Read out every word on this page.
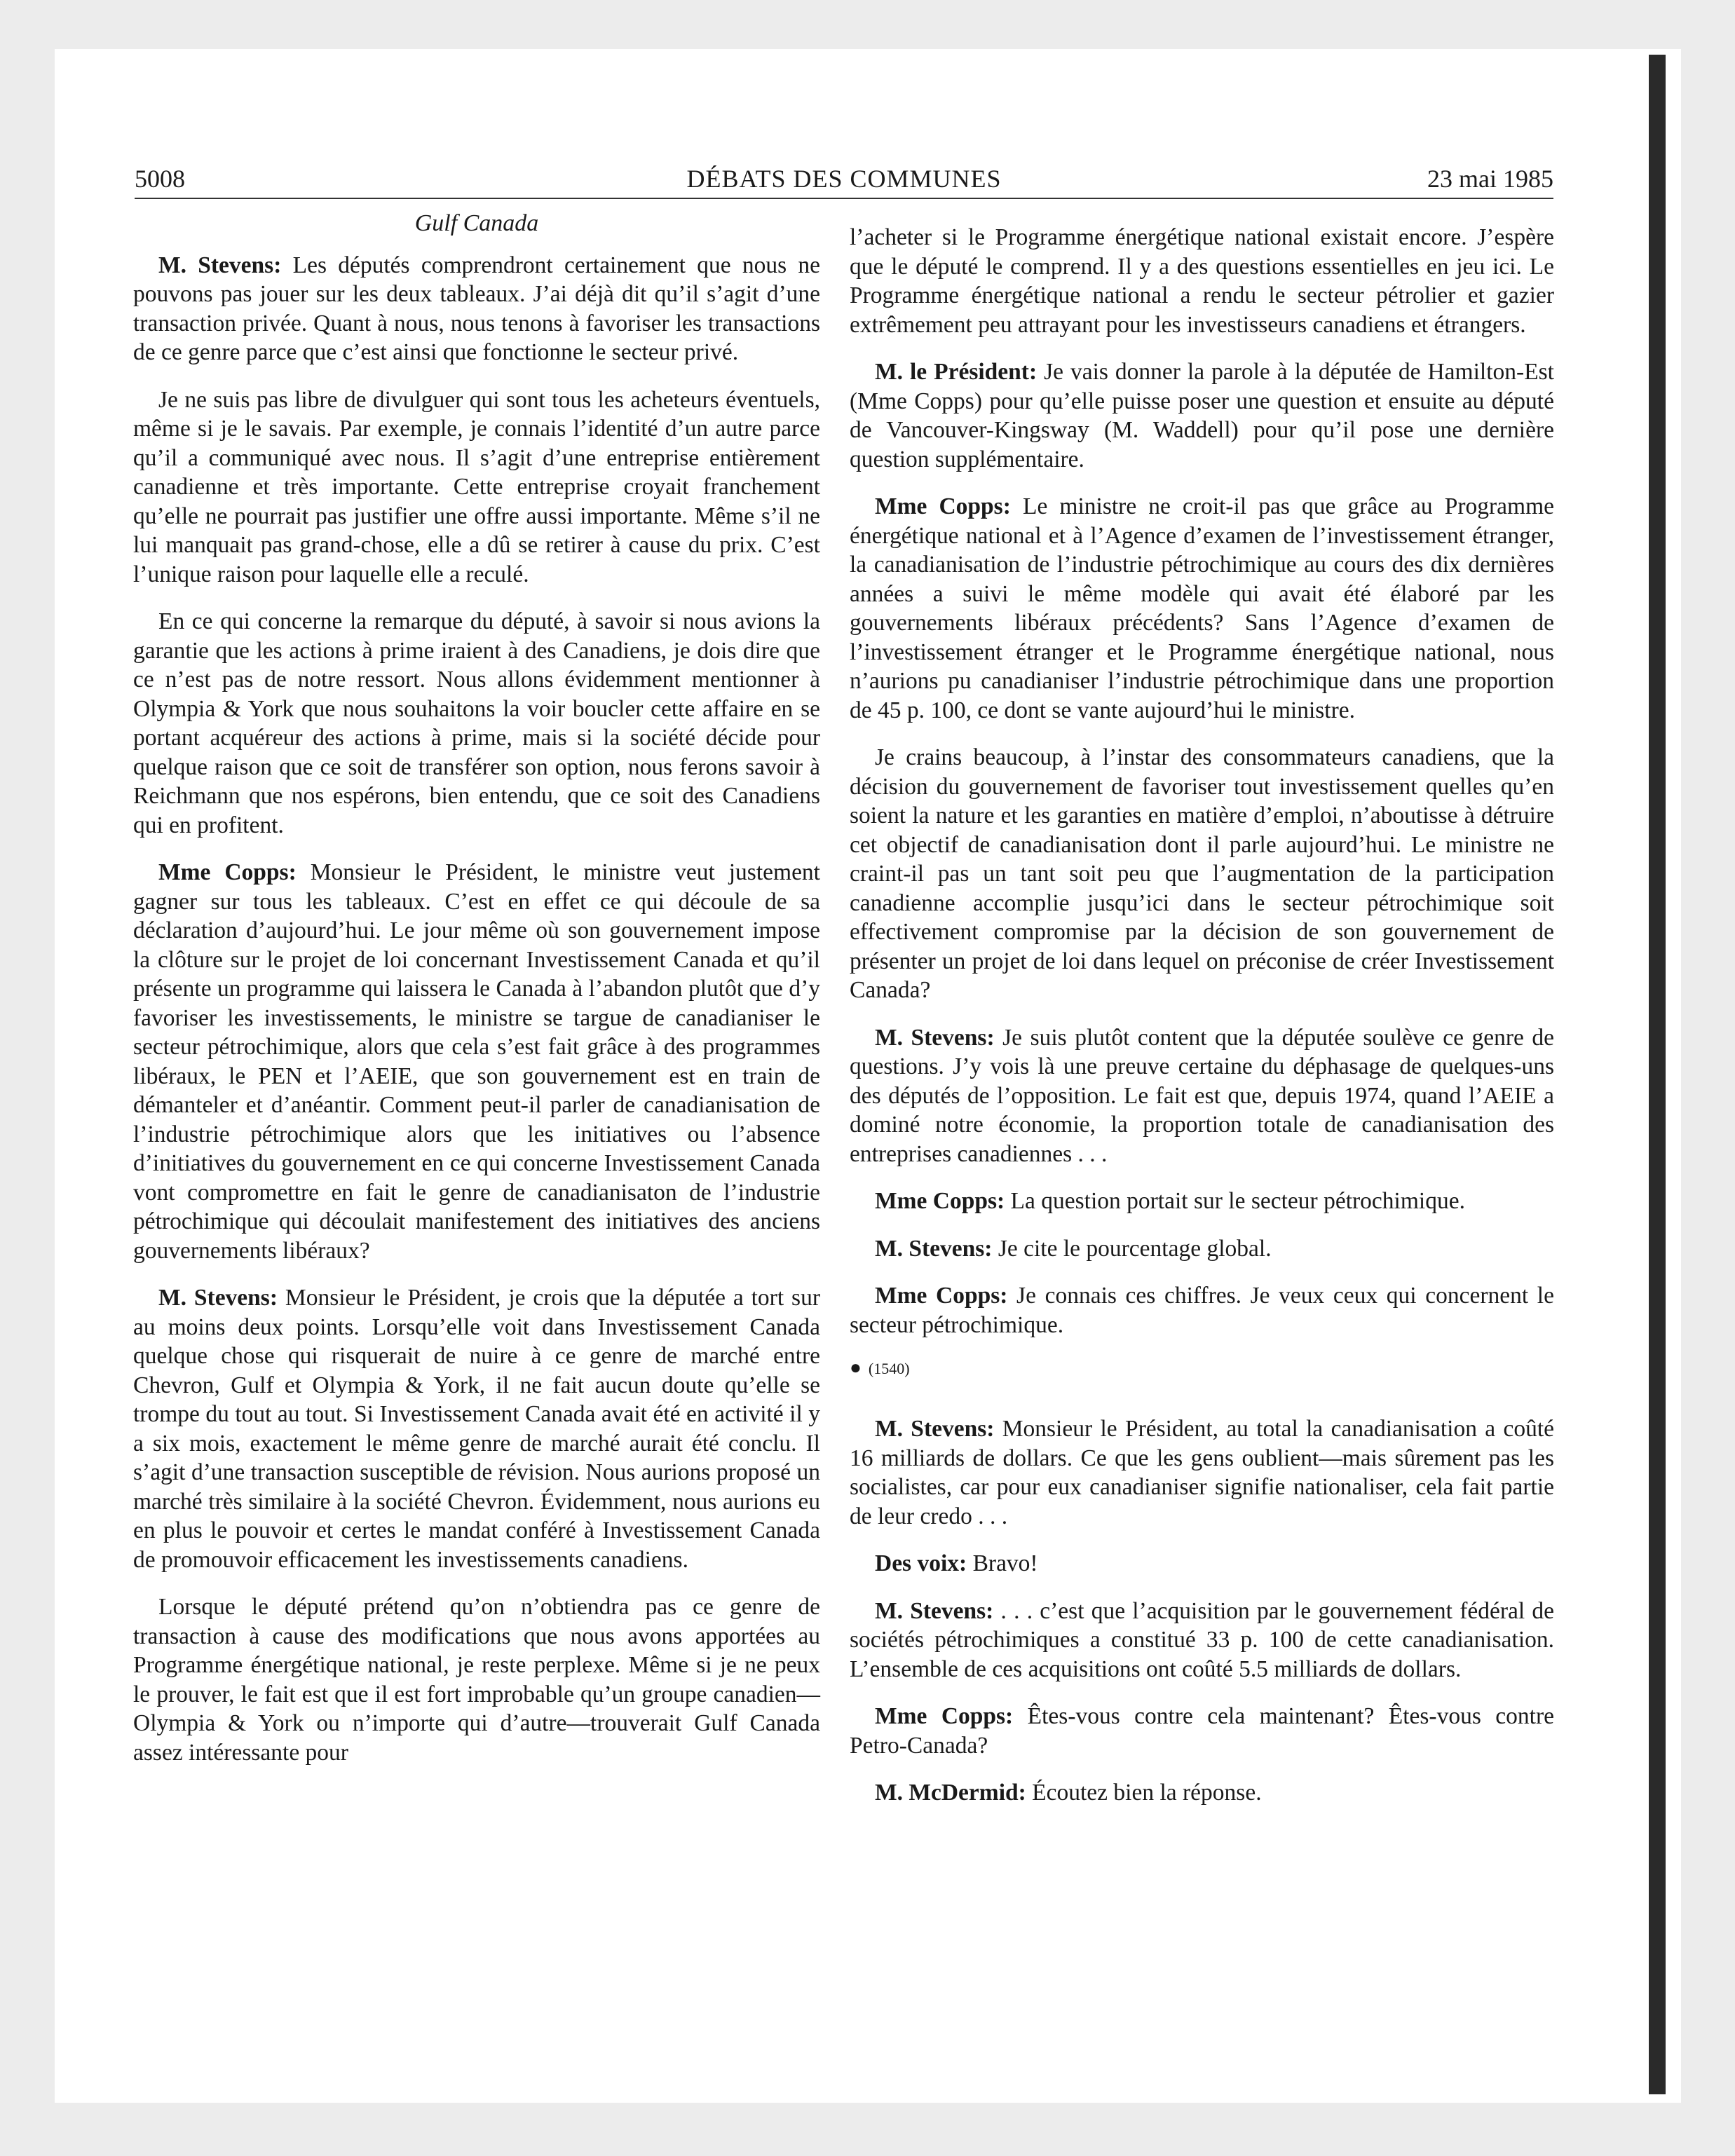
5008	DÉBATS DES COMMUNES	23 mai 1985
Gulf Canada

M. Stevens: Les députés comprendront certainement que nous ne pouvons pas jouer sur les deux tableaux. J’ai déjà dit qu’il s’agit d’une transaction privée. Quant à nous, nous tenons à favoriser les transactions de ce genre parce que c’est ainsi que fonctionne le secteur privé.

Je ne suis pas libre de divulguer qui sont tous les acheteurs éventuels, même si je le savais. Par exemple, je connais l’identité d’un autre parce qu’il a communiqué avec nous. Il s’agit d’une entreprise entièrement canadienne et très importante. Cette entreprise croyait franchement qu’elle ne pourrait pas justifier une offre aussi importante. Même s’il ne lui manquait pas grand-chose, elle a dû se retirer à cause du prix. C’est l’unique raison pour laquelle elle a reculé.

En ce qui concerne la remarque du député, à savoir si nous avions la garantie que les actions à prime iraient à des Canadiens, je dois dire que ce n’est pas de notre ressort. Nous allons évidemment mentionner à Olympia & York que nous souhaitons la voir boucler cette affaire en se portant acquéreur des actions à prime, mais si la société décide pour quelque raison que ce soit de transférer son option, nous ferons savoir à Reichmann que nos espérons, bien entendu, que ce soit des Canadiens qui en profitent.

Mme Copps: Monsieur le Président, le ministre veut justement gagner sur tous les tableaux. C’est en effet ce qui découle de sa déclaration d’aujourd’hui. Le jour même où son gouvernement impose la clôture sur le projet de loi concernant Investissement Canada et qu’il présente un programme qui laissera le Canada à l’abandon plutôt que d’y favoriser les investissements, le ministre se targue de canadianiser le secteur pétrochimique, alors que cela s’est fait grâce à des programmes libéraux, le PEN et l’AEIE, que son gouvernement est en train de démanteler et d’anéantir. Comment peut-il parler de canadianisation de l’industrie pétrochimique alors que les initiatives ou l’absence d’initiatives du gouvernement en ce qui concerne Investissement Canada vont compromettre en fait le genre de canadianisaton de l’industrie pétrochimique qui découlait manifestement des initiatives des anciens gouvernements libéraux?

M. Stevens: Monsieur le Président, je crois que la députée a tort sur au moins deux points. Lorsqu’elle voit dans Investissement Canada quelque chose qui risquerait de nuire à ce genre de marché entre Chevron, Gulf et Olympia & York, il ne fait aucun doute qu’elle se trompe du tout au tout. Si Investissement Canada avait été en activité il y a six mois, exactement le même genre de marché aurait été conclu. Il s’agit d’une transaction susceptible de révision. Nous aurions proposé un marché très similaire à la société Chevron. Évidemment, nous aurions eu en plus le pouvoir et certes le mandat conféré à Investissement Canada de promouvoir efficacement les investissements canadiens.

Lorsque le député prétend qu’on n’obtiendra pas ce genre de transaction à cause des modifications que nous avons apportées au Programme énergétique national, je reste perplexe. Même si je ne peux le prouver, le fait est que il est fort improbable qu’un groupe canadien—Olympia & York ou n’importe qui d’autre—trouverait Gulf Canada assez intéressante pour

l’acheter si le Programme énergétique national existait encore. J’espère que le député le comprend. Il y a des questions essentielles en jeu ici. Le Programme énergétique national a rendu le secteur pétrolier et gazier extrêmement peu attrayant pour les investisseurs canadiens et étrangers.

M. le Président: Je vais donner la parole à la députée de Hamilton-Est (Mme Copps) pour qu’elle puisse poser une question et ensuite au député de Vancouver-Kingsway (M. Waddell) pour qu’il pose une dernière question supplémentaire.

Mme Copps: Le ministre ne croit-il pas que grâce au Programme énergétique national et à l’Agence d’examen de l’investissement étranger, la canadianisation de l’industrie pétrochimique au cours des dix dernières années a suivi le même modèle qui avait été élaboré par les gouvernements libéraux précédents? Sans l’Agence d’examen de l’investissement étranger et le Programme énergétique national, nous n’aurions pu canadianiser l’industrie pétrochimique dans une proportion de 45 p. 100, ce dont se vante aujourd’hui le ministre.

Je crains beaucoup, à l’instar des consommateurs canadiens, que la décision du gouvernement de favoriser tout investissement quelles qu’en soient la nature et les garanties en matière d’emploi, n’aboutisse à détruire cet objectif de canadianisation dont il parle aujourd’hui. Le ministre ne craint-il pas un tant soit peu que l’augmentation de la participation canadienne accomplie jusqu’ici dans le secteur pétrochimique soit effectivement compromise par la décision de son gouvernement de présenter un projet de loi dans lequel on préconise de créer Investissement Canada?

M. Stevens: Je suis plutôt content que la députée soulève ce genre de questions. J’y vois là une preuve certaine du déphasage de quelques-uns des députés de l’opposition. Le fait est que, depuis 1974, quand l’AEIE a dominé notre économie, la proportion totale de canadianisation des entreprises canadiennes . . .

Mme Copps: La question portait sur le secteur pétrochimique.

M. Stevens: Je cite le pourcentage global.

Mme Copps: Je connais ces chiffres. Je veux ceux qui concernent le secteur pétrochimique.

● (1540)

M. Stevens: Monsieur le Président, au total la canadianisation a coûté 16 milliards de dollars. Ce que les gens oublient—mais sûrement pas les socialistes, car pour eux canadianiser signifie nationaliser, cela fait partie de leur credo . . .

Des voix: Bravo!

M. Stevens: . . . c’est que l’acquisition par le gouvernement fédéral de sociétés pétrochimiques a constitué 33 p. 100 de cette canadianisation. L’ensemble de ces acquisitions ont coûté 5.5 milliards de dollars.

Mme Copps: Êtes-vous contre cela maintenant? Êtes-vous contre Petro-Canada?

M. McDermid: Écoutez bien la réponse.
